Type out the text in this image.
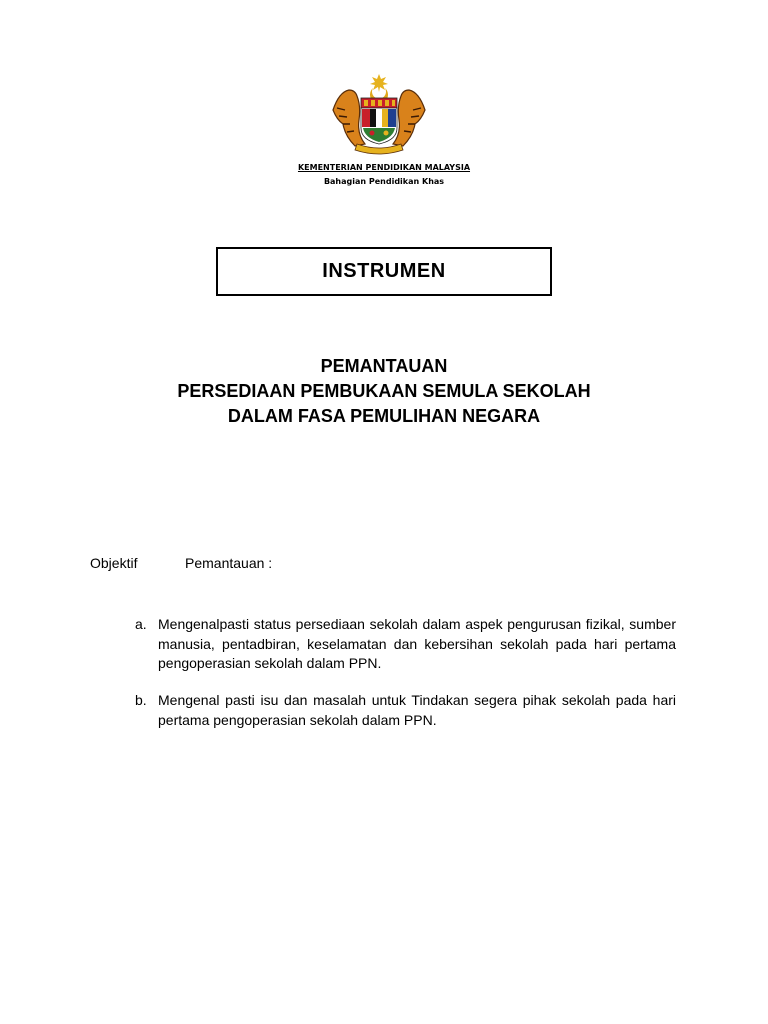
KEMENTERIAN PENDIDIKAN MALAYSIA
Bahagian Pendidikan Khas
INSTRUMEN
PEMANTAUAN
PERSEDIAAN PEMBUKAAN SEMULA SEKOLAH
DALAM FASA PEMULIHAN NEGARA
Objektif	Pemantauan :
a. Mengenalpasti status persediaan sekolah dalam aspek pengurusan fizikal, sumber manusia, pentadbiran, keselamatan dan kebersihan sekolah pada hari pertama pengoperasian sekolah dalam PPN.
b. Mengenal pasti isu dan masalah untuk Tindakan segera pihak sekolah pada hari pertama pengoperasian sekolah dalam PPN.
